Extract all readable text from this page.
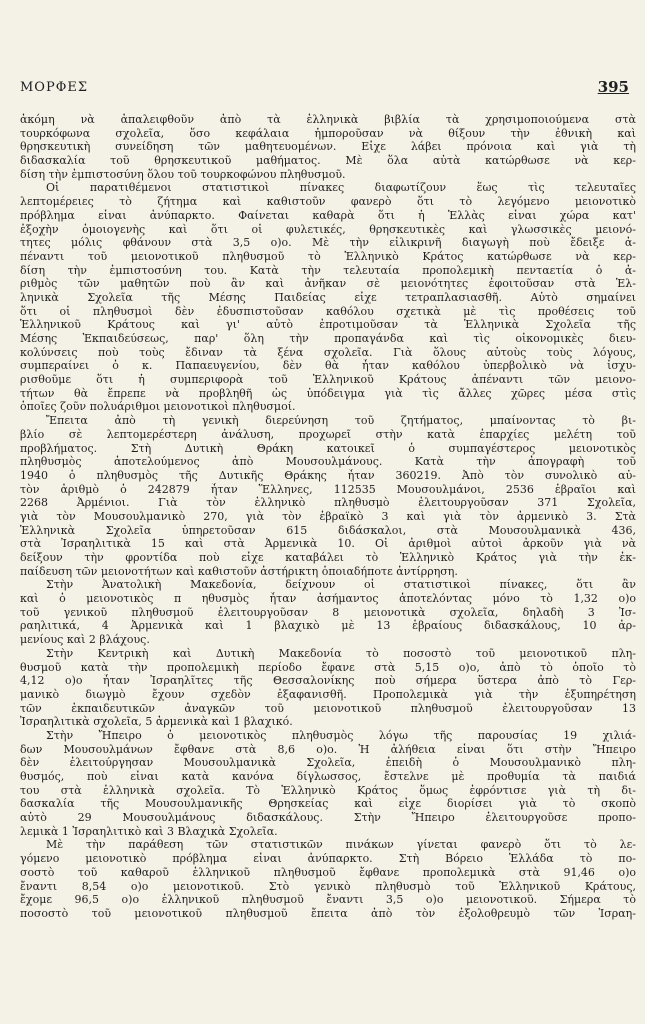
ΜΟΡΦΕΣ	395
ἀκόμη νὰ ἀπαλειφθοῦν ἀπὸ τὰ ἑλληνικὰ βιβλία τὰ χρησιμοποιούμενα στὰ
τουρκόφωνα σχολεῖα, ὅσο κεφάλαια ἠμποροῦσαν νὰ θίξουν τὴν ἐθνικὴ καὶ
θρησκευτικὴ συνείδηση τῶν μαθητευομένων. Εἶχε λάβει πρόνοια καὶ γιὰ τὴ
διδασκαλία τοῦ θρησκευτικοῦ μαθήματος. Μὲ ὅλα αὐτὰ κατώρθωσε νὰ κερ-
δίση τὴν ἐμπιστοσύνη ὅλου τοῦ τουρκοφώνου πληθυσμοῦ.
Οἱ παρατιθέμενοι στατιστικοὶ πίνακες διαφωτίζουν ἕως τὶς τελευταῖες
λεπτομέρειες τὸ ζήτημα καὶ καθιστοῦν φανερὸ ὅτι τὸ λεγόμενο μειονοτικὸ
πρόβλημα εἶναι ἀνύπαρκτο. Φαίνεται καθαρὰ ὅτι ἡ Ἑλλὰς εἶναι χώρα κατ'
ἐξοχὴν ὁμοιογενὴς καὶ ὅτι οἱ φυλετικές, θρησκευτικὲς καὶ γλωσσικὲς μειονό-
τητες μόλις φθάνουν στὰ 3,5 ο)ο. Μὲ τὴν εἰλικρινῆ διαγωγὴ ποὺ ἔδειξε ἀ-
πέναντι τοῦ μειονοτικοῦ πληθυσμοῦ τὸ Ἑλληνικὸ Κράτος κατώρθωσε νὰ κερ-
δίση τὴν ἐμπιστοσύνη του. Κατὰ τὴν τελευταία προπολεμικὴ πενταετία ὁ ἀ-
ριθμὸς τῶν μαθητῶν ποὺ ἂν καὶ ἀνῆκαν σὲ μειονότητες ἐφοιτοῦσαν στὰ Ἑλ-
ληνικὰ Σχολεῖα τῆς Μέσης Παιδείας εἶχε τετραπλασιασθῆ. Αὐτὸ σημαίνει
ὅτι οἱ πληθυσμοὶ δὲν ἐδυσπιστοῦσαν καθόλου σχετικὰ μὲ τὶς προθέσεις τοῦ
Ἑλληνικοῦ Κράτους καὶ γι' αὐτὸ ἐπροτιμοῦσαν τὰ Ἑλληνικὰ Σχολεῖα τῆς
Μέσης Ἐκπαιδεύσεως, παρ' ὅλη τὴν προπαγάνδα καὶ τὶς οἰκονομικὲς διευ-
κολύνσεις ποὺ τοὺς ἔδιναν τὰ ξένα σχολεῖα. Γιὰ ὅλους αὐτοὺς τοὺς λόγους,
συμπεραίνει ὁ κ. Παπαευγενίου, δὲν θὰ ἦταν καθόλου ὑπερβολικὸ νὰ ἰσχυ-
ρισθοῦμε ὅτι ἡ συμπεριφορὰ τοῦ Ἑλληνικοῦ Κράτους ἀπέναντι τῶν μειονο-
τήτων θὰ ἔπρεπε νὰ προβληθῆ ὡς ὑπόδειγμα γιὰ τὶς ἄλλες χῶρες μέσα στὶς
ὁποῖες ζοῦν πολυάριθμοι μειονοτικοὶ πληθυσμοί.
Ἔπειτα ἀπὸ τὴ γενικὴ διερεύνηση τοῦ ζητήματος, μπαίνοντας τὸ βι-
βλίο σὲ λεπτομερέστερη ἀνάλυση, προχωρεῖ στὴν κατὰ ἐπαρχίες μελέτη τοῦ
προβλήματος. Στὴ Δυτικὴ Θράκη κατοικεῖ ὁ συμπαγέστερος μειονοτικὸς
πληθυσμὸς ἀποτελούμενος ἀπὸ Μουσουλμάνους. Κατὰ τὴν ἀπογραφὴ τοῦ
1940 ὁ πληθυσμὸς τῆς Δυτικῆς Θράκης ἦταν 360219. Ἀπὸ τὸν συνολικὸ αὐ-
τὸν ἀριθμὸ ὁ 242879 ἦταν Ἕλληνες, 112535 Μουσουλμάνοι, 2536 ἑβραῖοι καὶ
2268 Ἀρμένιοι. Γιὰ τὸν ἑλληνικὸ πληθυσμὸ ἐλειτουργοῦσαν 371 Σχολεῖα,
γιὰ τὸν Μουσουλμανικὸ 270, γιὰ τὸν ἑβραϊκὸ 3 καὶ γιὰ τὸν ἀρμενικὸ 3. Στὰ
Ἑλληνικὰ Σχολεῖα ὑπηρετοῦσαν 615 διδάσκαλοι, στὰ Μουσουλμανικὰ 436,
στὰ Ἰσραηλιτικὰ 15 καὶ στὰ Ἀρμενικὰ 10. Οἱ ἀριθμοὶ αὐτοὶ ἀρκοῦν γιὰ νὰ
δείξουν τὴν φροντίδα ποὺ εἶχε καταβάλει τὸ Ἑλληνικὸ Κράτος γιὰ τὴν ἐκ-
παίδευση τῶν μειονοτήτων καὶ καθιστοῦν ἀστήρικτη ὁποιαδήποτε ἀντίρρηση.
Στὴν Ἀνατολικὴ Μακεδονία, δείχνουν οἱ στατιστικοὶ πίνακες, ὅτι ἂν
καὶ ὁ μειονοτικὸς π ηθυσμὸς ἦταν ἀσήμαντος ἀποτελόντας μόνο τὸ 1,32 ο)ο
τοῦ γενικοῦ πληθυσμοῦ ἐλειτουργοῦσαν 8 μειονοτικὰ σχολεῖα, δηλαδὴ 3 Ἰσ-
ραηλιτικά, 4 Ἀρμενικὰ καὶ 1 βλαχικὸ μὲ 13 ἑβραίους διδασκάλους, 10 ἀρ-
μενίους καὶ 2 βλάχους.
Στὴν Κεντρικὴ καὶ Δυτικὴ Μακεδονία τὸ ποσοστὸ τοῦ μειονοτικοῦ πλη-
θυσμοῦ κατὰ τὴν προπολεμικὴ περίοδο ἔφανε στὰ 5,15 ο)ο, ἀπὸ τὸ ὁποῖο τὸ
4,12 ο)ο ἦταν Ἰσραηλῖτες τῆς Θεσσαλονίκης ποὺ σήμερα ὕστερα ἀπὸ τὸ Γερ-
μανικὸ διωγμὸ ἔχουν σχεδὸν ἐξαφανισθῆ. Προπολεμικὰ γιὰ τὴν ἐξυπηρέτηση
τῶν ἐκπαιδευτικῶν ἀναγκῶν τοῦ μειονοτικοῦ πληθυσμοῦ ἐλειτουργοῦσαν 13
Ἰσραηλιτικὰ σχολεῖα, 5 ἀρμενικὰ καὶ 1 βλαχικό.
Στὴν Ἤπειρο ὁ μειονοτικὸς πληθυσμὸς λόγω τῆς παρουσίας 19 χιλιά-
δων Μουσουλμάνων ἔφθανε στὰ 8,6 ο)ο. Ἡ ἀλήθεια εἶναι ὅτι στὴν Ἤπειρο
δὲν ἐλειτούργησαν Μουσουλμανικὰ Σχολεῖα, ἐπειδὴ ὁ Μουσουλμανικὸ πλη-
θυσμός, ποὺ εἶναι κατὰ κανόνα δίγλωσσος, ἔστελνε μὲ προθυμία τὰ παιδιά
του στὰ ἑλληνικὰ σχολεῖα. Τὸ Ἑλληνικὸ Κράτος ὅμως ἐφρόντισε γιὰ τὴ δι-
δασκαλία τῆς Μουσουλμανικῆς Θρησκείας καὶ εἶχε διορίσει γιὰ τὸ σκοπὸ
αὐτὸ 29 Μουσουλμάνους διδασκάλους. Στὴν Ἤπειρο ἐλειτουργοῦσε προπο-
λεμικὰ 1 Ἰσραηλιτικὸ καὶ 3 Βλαχικὰ Σχολεῖα.
Μὲ τὴν παράθεση τῶν στατιστικῶν πινάκων γίνεται φανερὸ ὅτι τὸ λε-
γόμενο μειονοτικὸ πρόβλημα εἶναι ἀνύπαρκτο. Στὴ Βόρειο Ἑλλάδα τὸ πο-
σοστὸ τοῦ καθαροῦ ἑλληνικοῦ πληθυσμοῦ ἔφθανε προπολεμικὰ στὰ 91,46 ο)ο
ἔναντι 8,54 ο)ο μειονοτικοῦ. Στὸ γενικὸ πληθυσμὸ τοῦ Ἑλληνικοῦ Κράτους,
ἔχομε 96,5 ο)ο ἑλληνικοῦ πληθυσμοῦ ἔναντι 3,5 ο)ο μειονοτικοῦ. Σήμερα τὸ
ποσοστὸ τοῦ μειονοτικοῦ πληθυσμοῦ ἔπειτα ἀπὸ τὸν ἐξολοθρευμὸ τῶν Ἰσραη-
